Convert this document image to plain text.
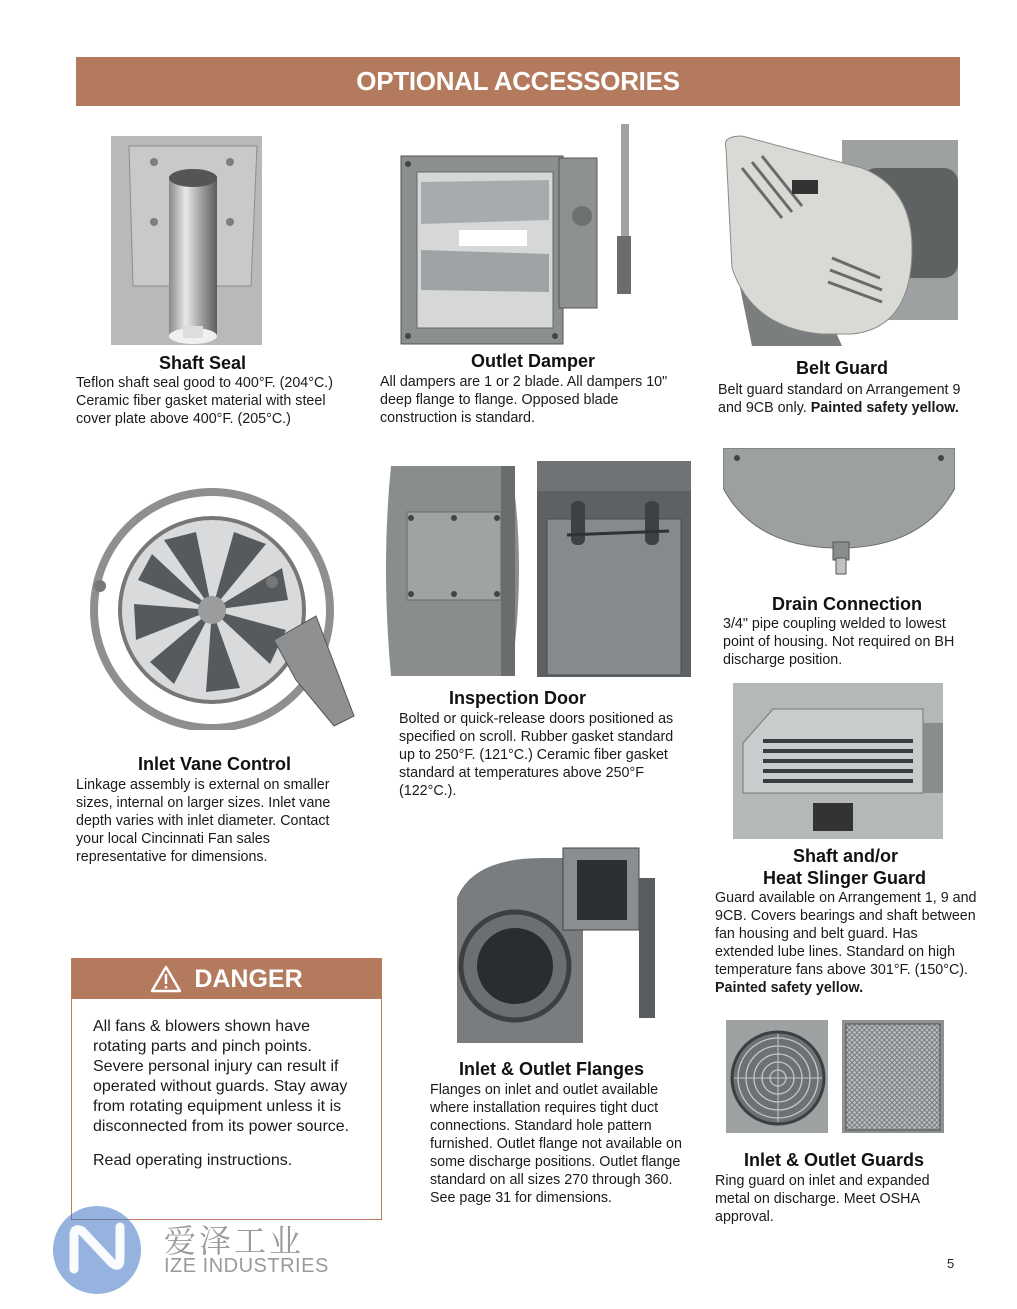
OPTIONAL ACCESSORIES
Shaft Seal
Teflon shaft seal good to 400°F. (204°C.) Ceramic fiber gasket material with steel cover plate above 400°F. (205°C.)
Outlet Damper
All dampers are 1 or 2 blade. All dampers 10" deep flange to flange. Opposed blade construction is standard.
Belt Guard
Belt guard standard on Arrangement 9 and 9CB only. Painted safety yellow.
Inlet Vane Control
Linkage assembly is external on smaller sizes, internal on larger sizes. Inlet vane depth varies with inlet diameter. Contact your local Cincinnati Fan sales representative for dimensions.
Inspection Door
Bolted or quick-release doors positioned as specified on scroll. Rubber gasket standard up to 250°F. (121°C.) Ceramic fiber gasket standard at temperatures above 250°F (122°C.).
Drain Connection
3/4" pipe coupling welded to lowest point of housing. Not required on BH discharge position.
Shaft and/or
Heat Slinger Guard
Guard available on Arrangement 1, 9 and 9CB. Covers bearings and shaft between fan housing and belt guard. Has extended lube lines. Standard on high temperature fans above 301°F. (150°C). Painted safety yellow.
Inlet & Outlet Flanges
Flanges on inlet and outlet available where installation requires tight duct connections. Standard hole pattern furnished. Outlet flange not available on some discharge positions. Outlet flange standard on all sizes 270 through 360. See page 31 for dimensions.
Inlet & Outlet Guards
Ring guard on inlet and expanded metal on discharge. Meet OSHA approval.
DANGER

All fans & blowers shown have rotating parts and pinch points. Severe personal injury can result if operated without guards. Stay away from rotating equipment unless it is disconnected from its power source.

Read operating instructions.

爱泽工业
IZE INDUSTRIES	5
